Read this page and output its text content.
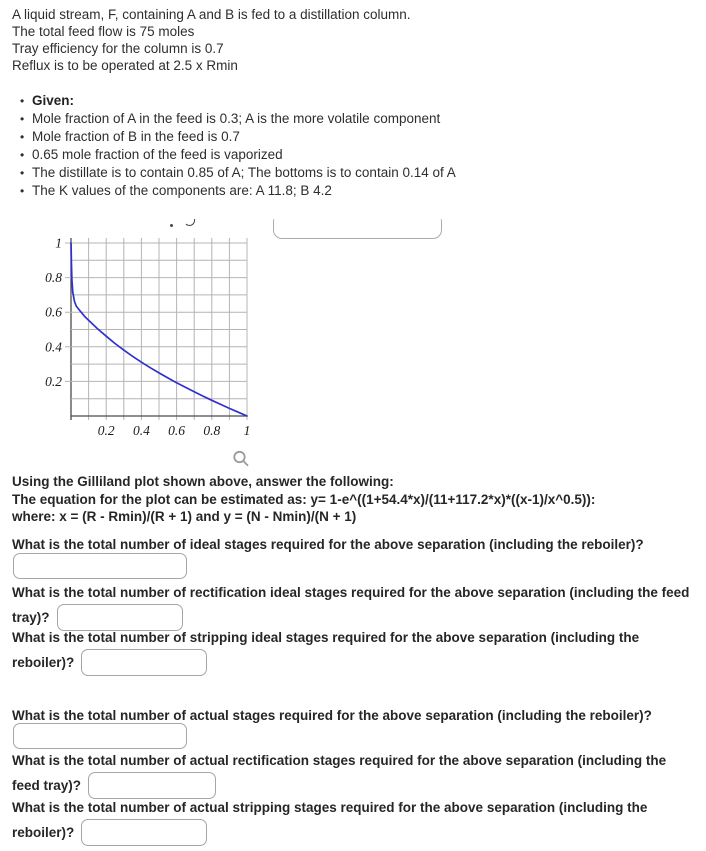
A liquid stream, F, containing A and B is fed to a distillation column.
The total feed flow is 75 moles
Tray efficiency for the column is 0.7
Reflux is to be operated at 2.5 x Rmin
• Given:
• Mole fraction of A in the feed is 0.3; A is the more volatile component
• Mole fraction of B in the feed is 0.7
• 0.65 mole fraction of the feed is vaporized
• The distillate is to contain 0.85 of A; The bottoms is to contain 0.14 of A
• The K values of the components are: A 11.8; B 4.2
1
0.8
0.6
0.4
0.2
0.2 0.4 0.6 0.8 1
Using the Gilliland plot shown above, answer the following:
The equation for the plot can be estimated as: y= 1-e^((1+54.4*x)/(11+117.2*x)*((x-1)/x^0.5)):
where: x = (R - Rmin)/(R + 1) and y = (N - Nmin)/(N + 1)
What is the total number of ideal stages required for the above separation (including the reboiler)?
What is the total number of rectification ideal stages required for the above separation (including the feed
tray)?
What is the total number of stripping ideal stages required for the above separation (including the
reboiler)?
What is the total number of actual stages required for the above separation (including the reboiler)?
What is the total number of actual rectification stages required for the above separation (including the
feed tray)?
What is the total number of actual stripping stages required for the above separation (including the
reboiler)?
